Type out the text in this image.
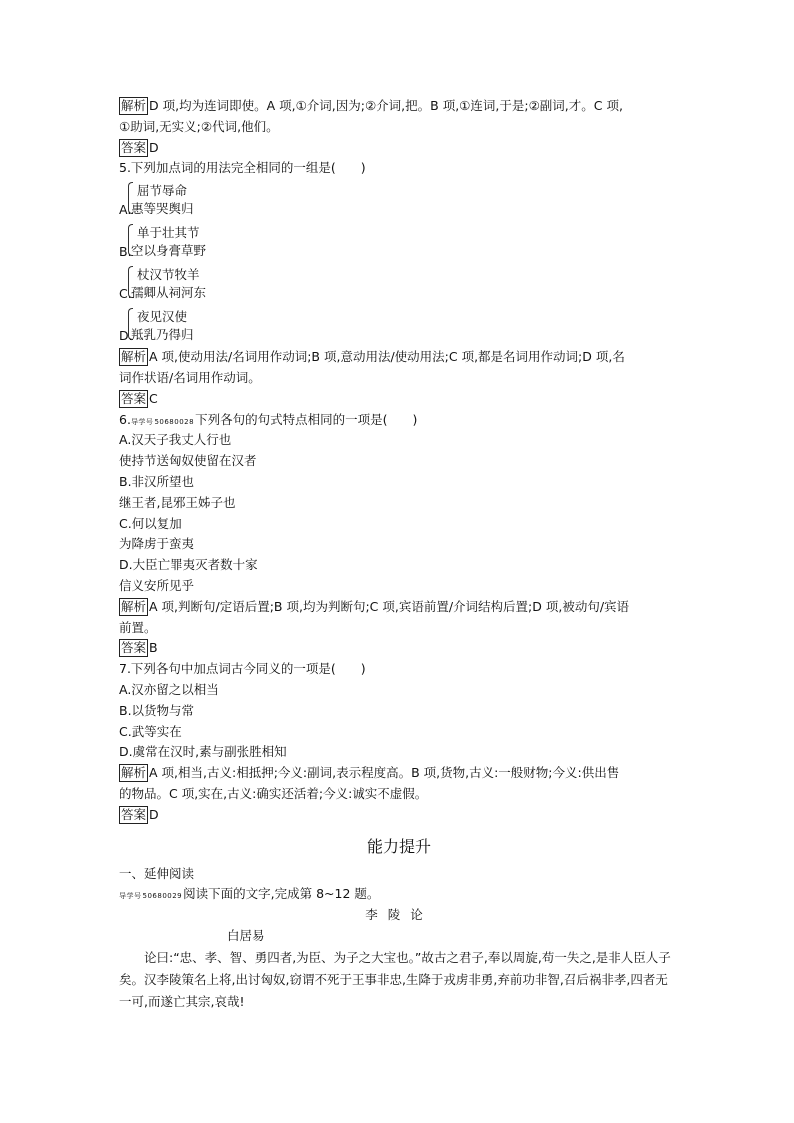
解析 D 项,均为连词即使。A 项,①介词,因为;②介词,把。B 项,①连词,于是;②副词,才。C 项,
①助词,无实义;②代词,他们。
答案 D
5.下列加点词的用法完全相同的一组是(　　)
A.
屈节辱命
惠等哭舆归
B.
单于壮其节
空以身膏草野
C.
杖汉节牧羊
孺卿从祠河东
D.
夜见汉使
羝乳乃得归
解析 A 项,使动用法/名词用作动词;B 项,意动用法/使动用法;C 项,都是名词用作动词;D 项,名
词作状语/名词用作动词。
答案 C
6.导学号50680028下列各句的句式特点相同的一项是(　　)
A.汉天子我丈人行也
使持节送匈奴使留在汉者
B.非汉所望也
继王者,昆邪王姊子也
C.何以复加
为降虏于蛮夷
D.大臣亡罪夷灭者数十家
信义安所见乎
解析 A 项,判断句/定语后置;B 项,均为判断句;C 项,宾语前置/介词结构后置;D 项,被动句/宾语
前置。
答案 B
7.下列各句中加点词古今同义的一项是(　　)
A.汉亦留之以相当
B.以货物与常
C.武等实在
D.虞常在汉时,素与副张胜相知
解析 A 项,相当,古义:相抵押;今义:副词,表示程度高。B 项,货物,古义:一般财物;今义:供出售
的物品。C 项,实在,古义:确实还活着;今义:诚实不虚假。
答案 D
能力提升
一、延伸阅读
导学号50680029阅读下面的文字,完成第 8~12 题。
李陵论
白居易
论曰:“忠、孝、智、勇四者,为臣、为子之大宝也。”故古之君子,奉以周旋,苟一失之,是非人臣人子矣。汉李陵策名上将,出讨匈奴,窃谓不死于王事非忠,生降于戎虏非勇,弃前功非智,召后祸非孝,四者无一可,而遂亡其宗,哀哉!
